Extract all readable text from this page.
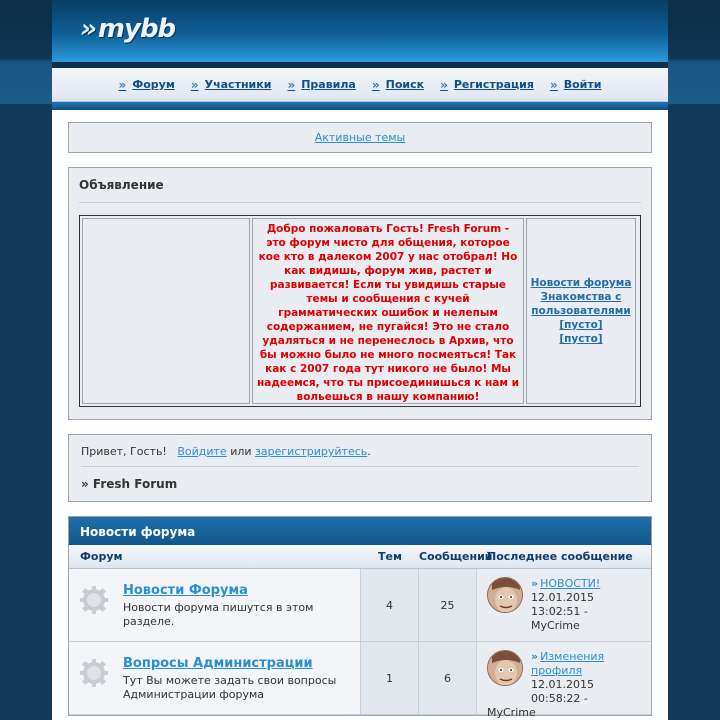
»mybb
» Форум » Участники » Правила » Поиск » Регистрация » Войти
Активные темы
Объявление
Добро пожаловать Гость! Fresh Forum - это форум чисто для общения, которое кое кто в далеком 2007 у нас отобрал! Но как видишь, форум жив, растет и развивается! Если ты увидишь старые темы и сообщения с кучей грамматических ошибок и нелепым содержанием, не пугайся! Это не стало удаляться и не перенеслось в Архив, что бы можно было не много посмеяться! Так как с 2007 года тут никого не было! Мы надеемся, что ты присоединишься к нам и вольешься в нашу компанию!
Новости форума
Знакомства с пользователями
[пусто]
[пусто]
Привет, Гость! Войдите или зарегистрируйтесь.
» Fresh Forum
Новости форума
Форум	Тем	Сообщений
Последнее сообщение
Новости Форума
Новости форума пишутся в этом разделе.
4	25
» НОВОСТИ!
12.01.2015
13:02:51 -
MyCrime
Вопросы Администрации
Тут Вы можете задать свои вопросы Администрации форума
1	6
» Изменения профиля
12.01.2015
00:58:22 -
MyCrime
